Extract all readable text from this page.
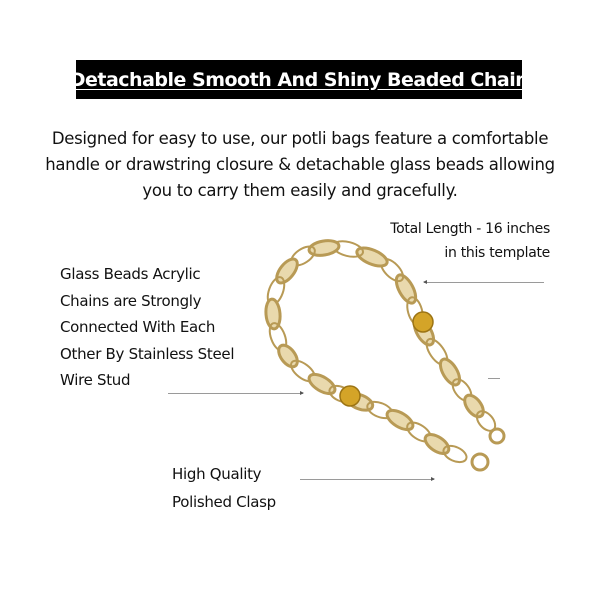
Detachable Smooth And Shiny Beaded Chain
Designed for easy to use, our potli bags feature a comfortable
handle or drawstring closure & detachable glass beads allowing
you to carry them easily and gracefully.
Total Length - 16 inches
in this template
Glass Beads Acrylic
Chains are Strongly
Connected With Each
Other By Stainless Steel
Wire Stud
High Quality
Polished Clasp
